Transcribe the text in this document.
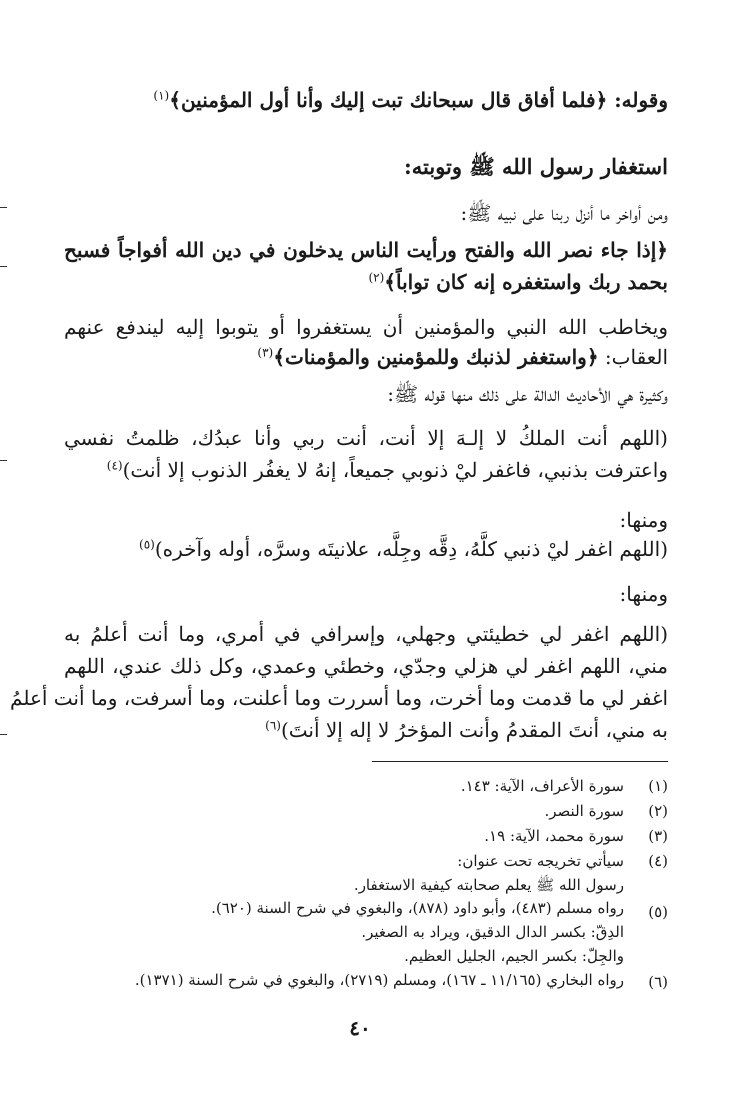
وقوله: ﴿فلما أفاق قال سبحانك تبت إليك وأنا أول المؤمنين﴾$^{(١)}$
استغفار رسول الله ﷺ وتوبته:
ومن أواخر ما أنزل ربنا على نبيه ﷺ:
﴿إذا جاء نصر الله والفتح ورأيت الناس يدخلون في دين الله أفواجاً فسبح
بحمد ربك واستغفره إنه كان تواباً﴾$^{(٢)}$
ويخاطب الله النبي والمؤمنين أن يستغفروا أو يتوبوا إليه ليندفع عنهم
العقاب: ﴿واستغفر لذنبك وللمؤمنين والمؤمنات﴾$^{(٣)}$
وكثيرة هي الأحاديث الدالة على ذلك منها قوله ﷺ:
(اللهم أنت الملكُ لا إلـهَ إلا أنت، أنت ربي وأنا عبدُك، ظلمتُ نفسي
واعترفت بذنبي، فاغفر ليْ ذنوبي جميعاً، إنهُ لا يغفُر الذنوب إلا أنت)$^{(٤)}$
ومنها:
(اللهم اغفر ليْ ذنبي كلَّهُ، دِقَّه وجِلَّه، علانيتَه وسرَّه، أوله وآخره)$^{(٥)}$
ومنها:
(اللهم اغفر لي خطيئتي وجهلي، وإسرافي في أمري، وما أنت أعلمُ به
مني، اللهم اغفر لي هزلي وجدّي، وخطئي وعمدي، وكل ذلك عندي، اللهم
اغفر لي ما قدمت وما أخرت، وما أسررت وما أعلنت، وما أسرفت، وما أنت أعلمُ
به مني، أنتَ المقدمُ وأنت المؤخرُ لا إله إلا أنتَ)$^{(٦)}$
(١)
سورة الأعراف، الآية: ١٤٣.
(٢)
سورة النصر.
(٣)
سورة محمد، الآية: ١٩.
(٤)
سيأتي تخريجه تحت عنوان:
رسول الله ﷺ يعلم صحابته كيفية الاستغفار.
(٥)
رواه مسلم (٤٨٣)، وأبو داود (٨٧٨)، والبغوي في شرح السنة (٦٢٠).
الدِقّ: بكسر الدال الدقيق، ويراد به الصغير.
والجِلّ: بكسر الجيم، الجليل العظيم.
(٦)
رواه البخاري (١١/١٦٥ ـ ١٦٧)، ومسلم (٢٧١٩)، والبغوي في شرح السنة (١٣٧١).
٤٠
